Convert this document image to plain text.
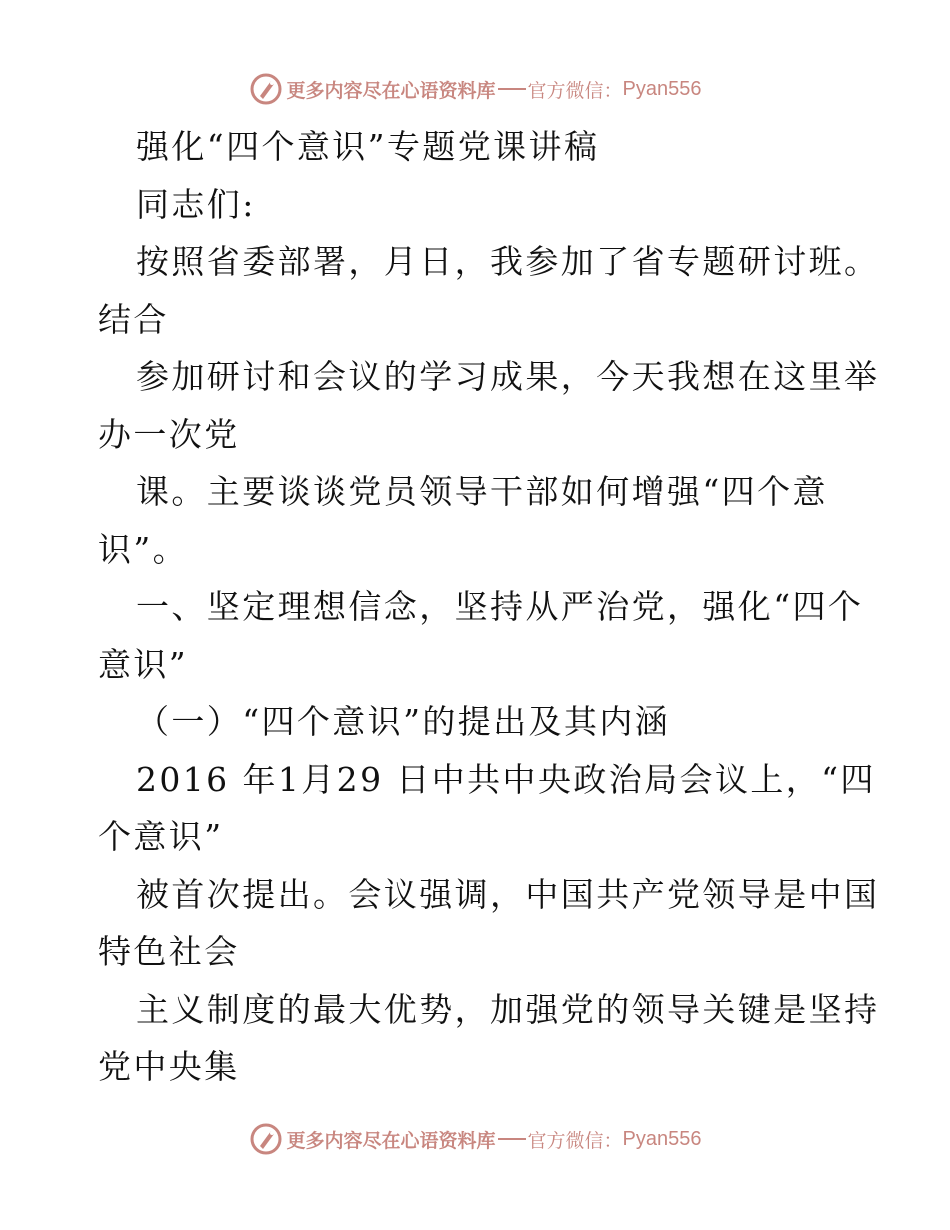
更多内容尽在心语资料库 官方微信： Pyan556
强化“四个意识”专题党课讲稿
同志们:
按照省委部署，月日，我参加了省专题研讨班。
结合
参加研讨和会议的学习成果，今天我想在这里举
办一次党
课。主要谈谈党员领导干部如何增强“四个意
识”。
一、坚定理想信念，坚持从严治党，强化“四个
意识”
（一）“四个意识”的提出及其内涵
2016 年1月29 日中共中央政治局会议上，“四
个意识”
被首次提出。会议强调，中国共产党领导是中国
特色社会
主义制度的最大优势，加强党的领导关键是坚持
党中央集
更多内容尽在心语资料库 官方微信： Pyan556
